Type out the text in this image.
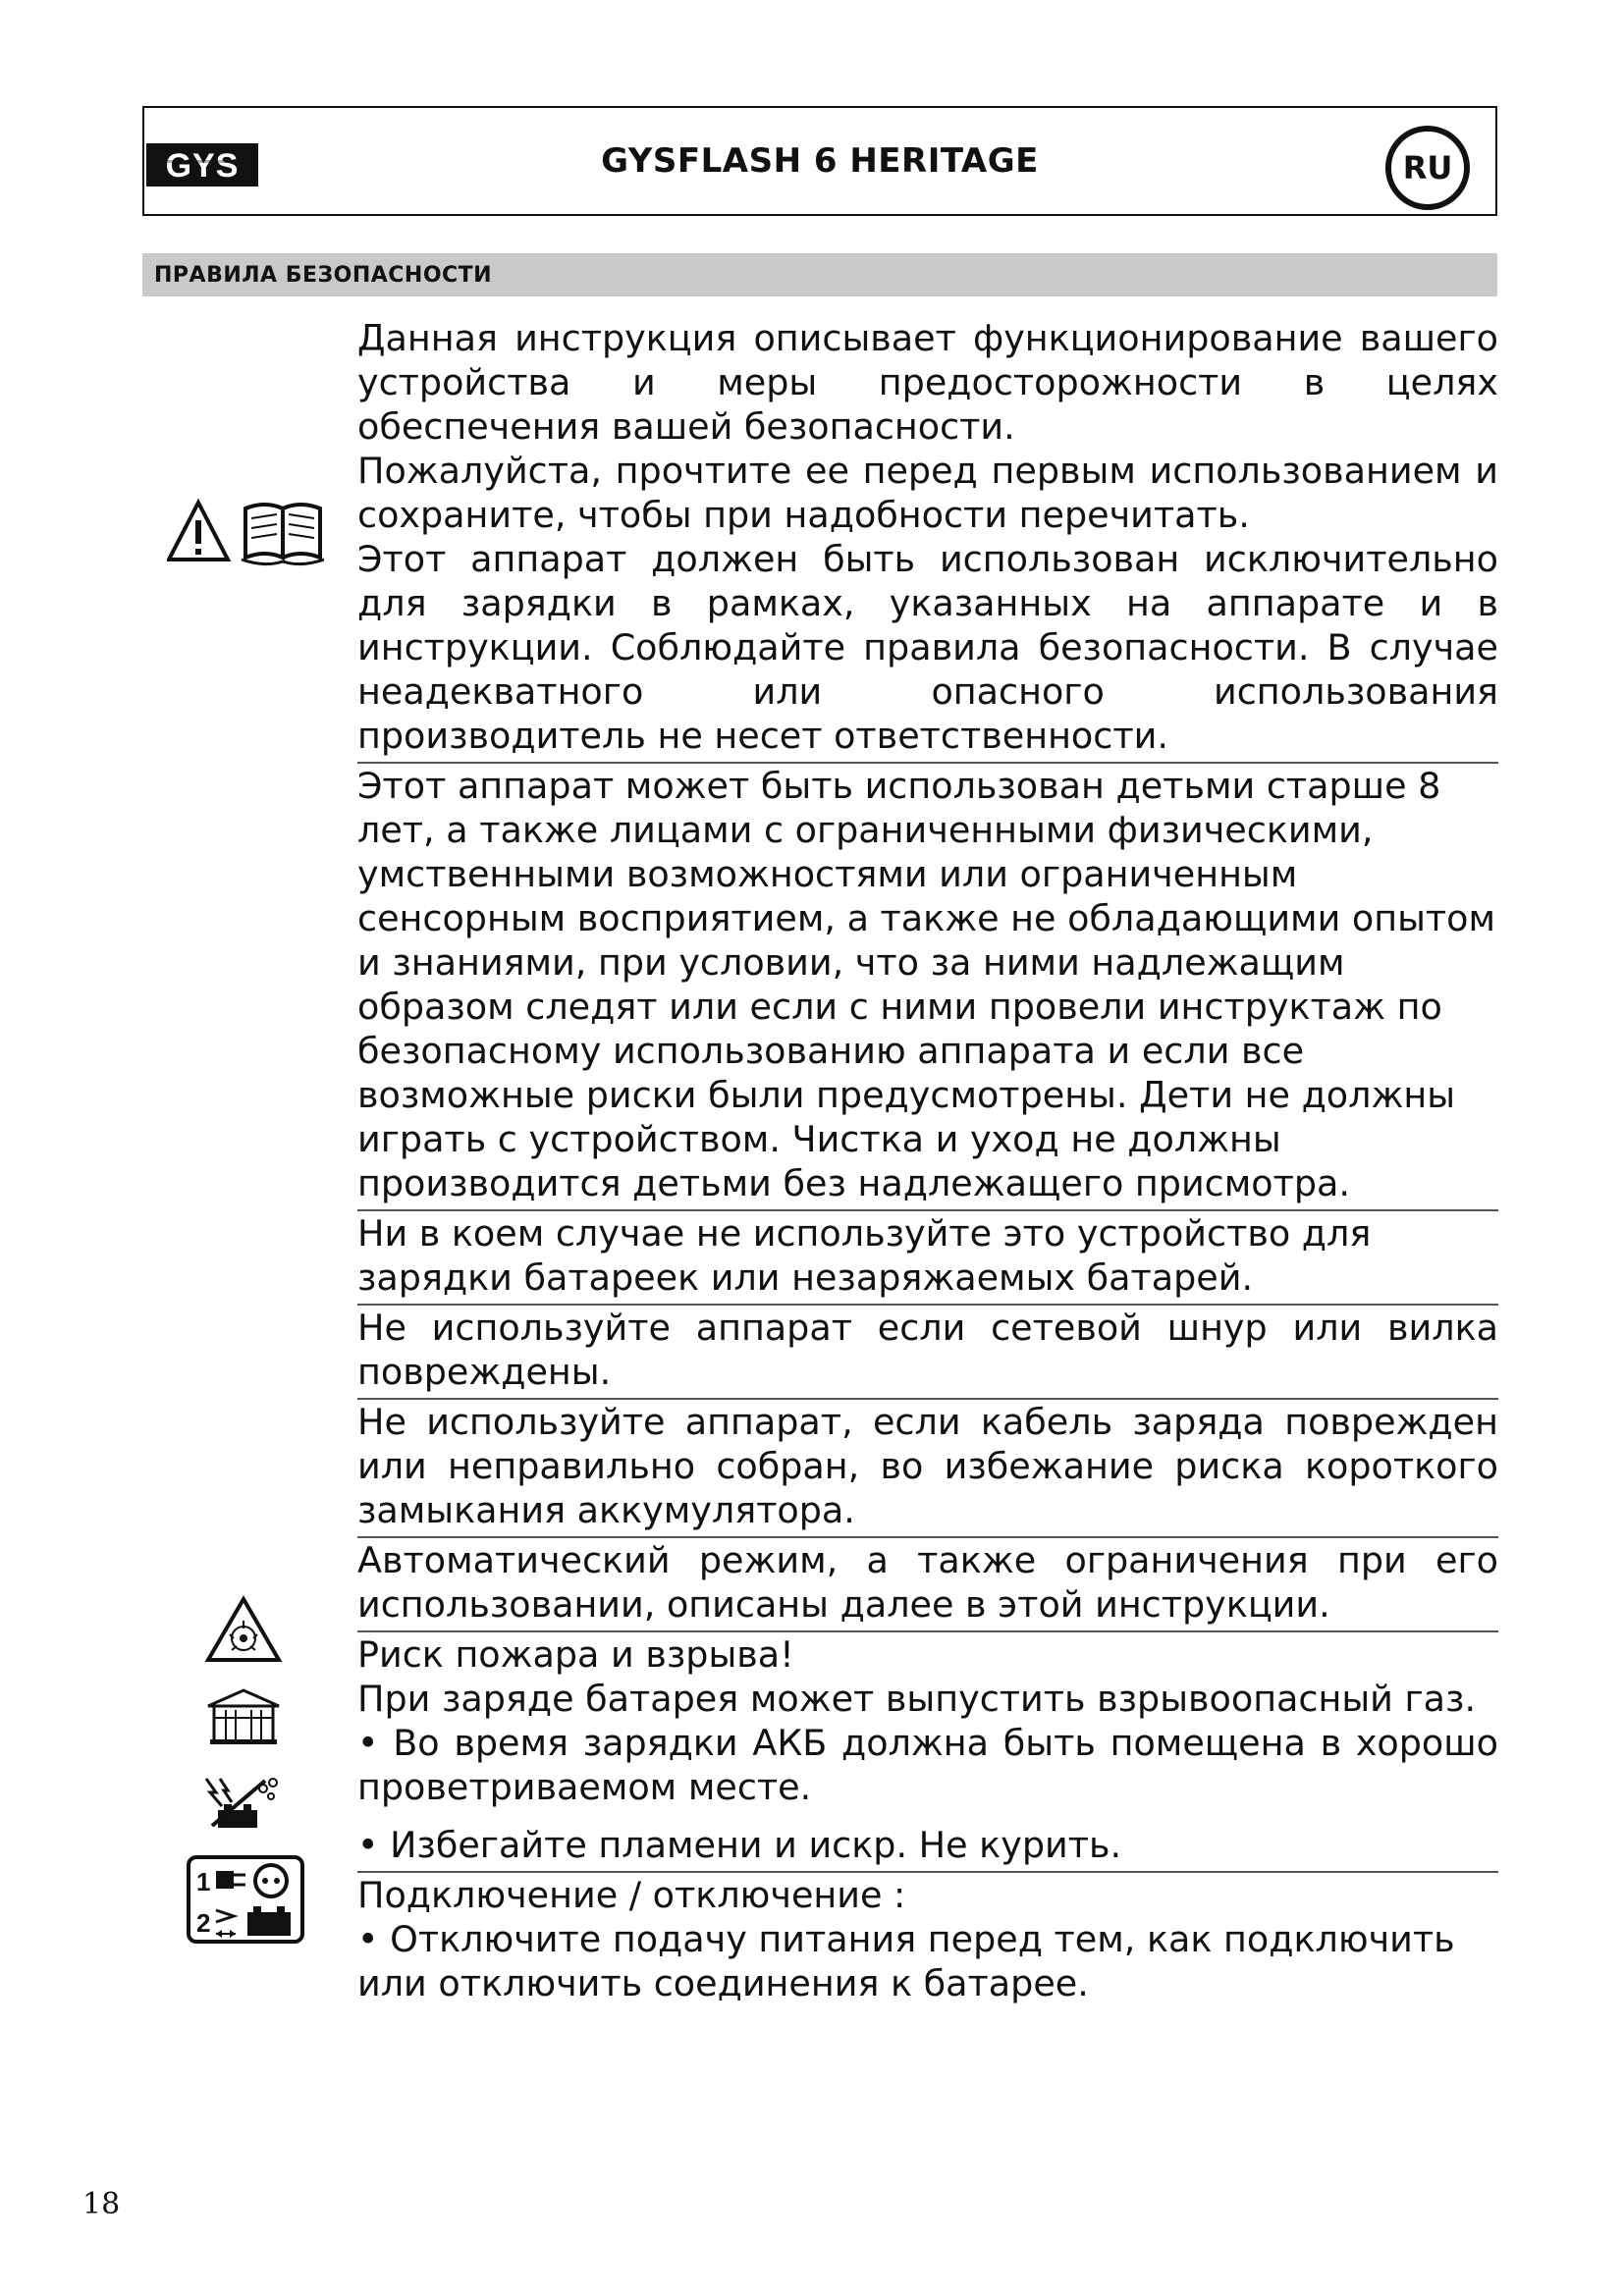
GYS	GYSFLASH 6 HERITAGE	RU
ПРАВИЛА БЕЗОПАСНОСТИ
1
2

Данная инструкция описывает функционирование вашего устройства и меры предосторожности в целях обеспечения вашей безопасности.

Пожалуйста, прочтите ее перед первым использованием и сохраните, чтобы при надобности перечитать.

Этот аппарат должен быть использован исключительно для зарядки в рамках, указанных на аппарате и в инструкции. Соблюдайте правила безопасности. В случае неадекватного или опасного использования производитель не несет ответственности.

Этот аппарат может быть использован детьми старше 8 лет, а также лицами с ограниченными физическими, умственными возможностями или ограниченным сенсорным восприятием, а также не обладающими опытом и знаниями, при условии, что за ними надлежащим образом следят или если с ними провели инструктаж по безопасному использованию аппарата и если все возможные риски были предусмотрены. Дети не должны играть с устройством. Чистка и уход не должны производится детьми без надлежащего присмотра.

Ни в коем случае не используйте это устройство для зарядки батареек или незаряжаемых батарей.

Не используйте аппарат если сетевой шнур или вилка повреждены.

Не используйте аппарат, если кабель заряда поврежден или неправильно собран, во избежание риска короткого замыкания аккумулятора.

Автоматический режим, а также ограничения при его использовании, описаны далее в этой инструкции.

Риск пожара и взрыва!

При заряде батарея может выпустить взрывоопасный газ.

• Во время зарядки АКБ должна быть помещена в хорошо проветриваемом месте.

• Избегайте пламени и искр. Не курить.

Подключение / отключение :

• Отключите подачу питания перед тем, как подключить или отключить соединения к батарее.

18
